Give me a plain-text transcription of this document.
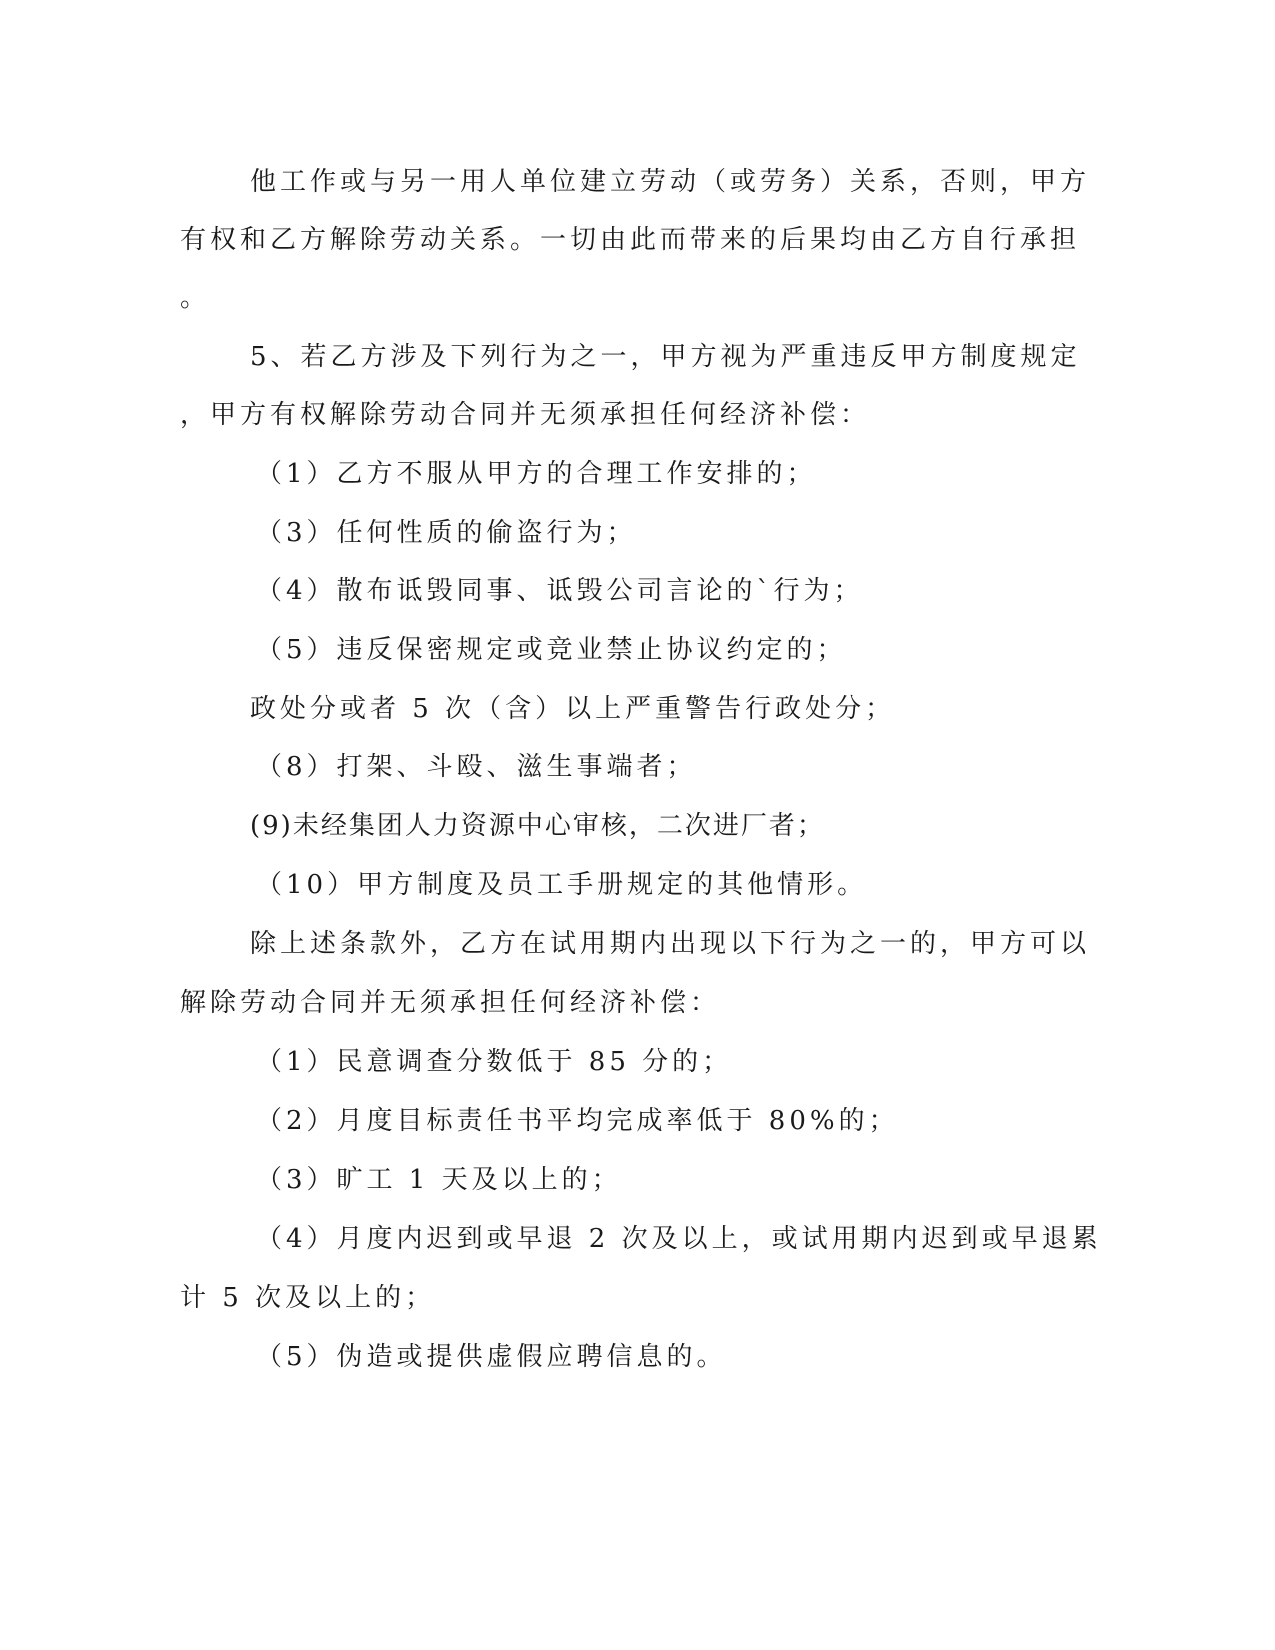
他工作或与另一用人单位建立劳动（或劳务）关系，否则，甲方

有权和乙方解除劳动关系。一切由此而带来的后果均由乙方自行承担

。

5、若乙方涉及下列行为之一，甲方视为严重违反甲方制度规定

，甲方有权解除劳动合同并无须承担任何经济补偿：

（1）乙方不服从甲方的合理工作安排的；

（3）任何性质的偷盗行为；

（4）散布诋毁同事、诋毁公司言论的`行为；

（5）违反保密规定或竞业禁止协议约定的；

政处分或者 5 次（含）以上严重警告行政处分；

（8）打架、斗殴、滋生事端者；

(9)未经集团人力资源中心审核，二次进厂者；

（10）甲方制度及员工手册规定的其他情形。

除上述条款外，乙方在试用期内出现以下行为之一的，甲方可以

解除劳动合同并无须承担任何经济补偿：

（1）民意调查分数低于 85 分的；

（2）月度目标责任书平均完成率低于 80%的；

（3）旷工 1 天及以上的；

（4）月度内迟到或早退 2 次及以上，或试用期内迟到或早退累

计 5 次及以上的；

（5）伪造或提供虚假应聘信息的。
